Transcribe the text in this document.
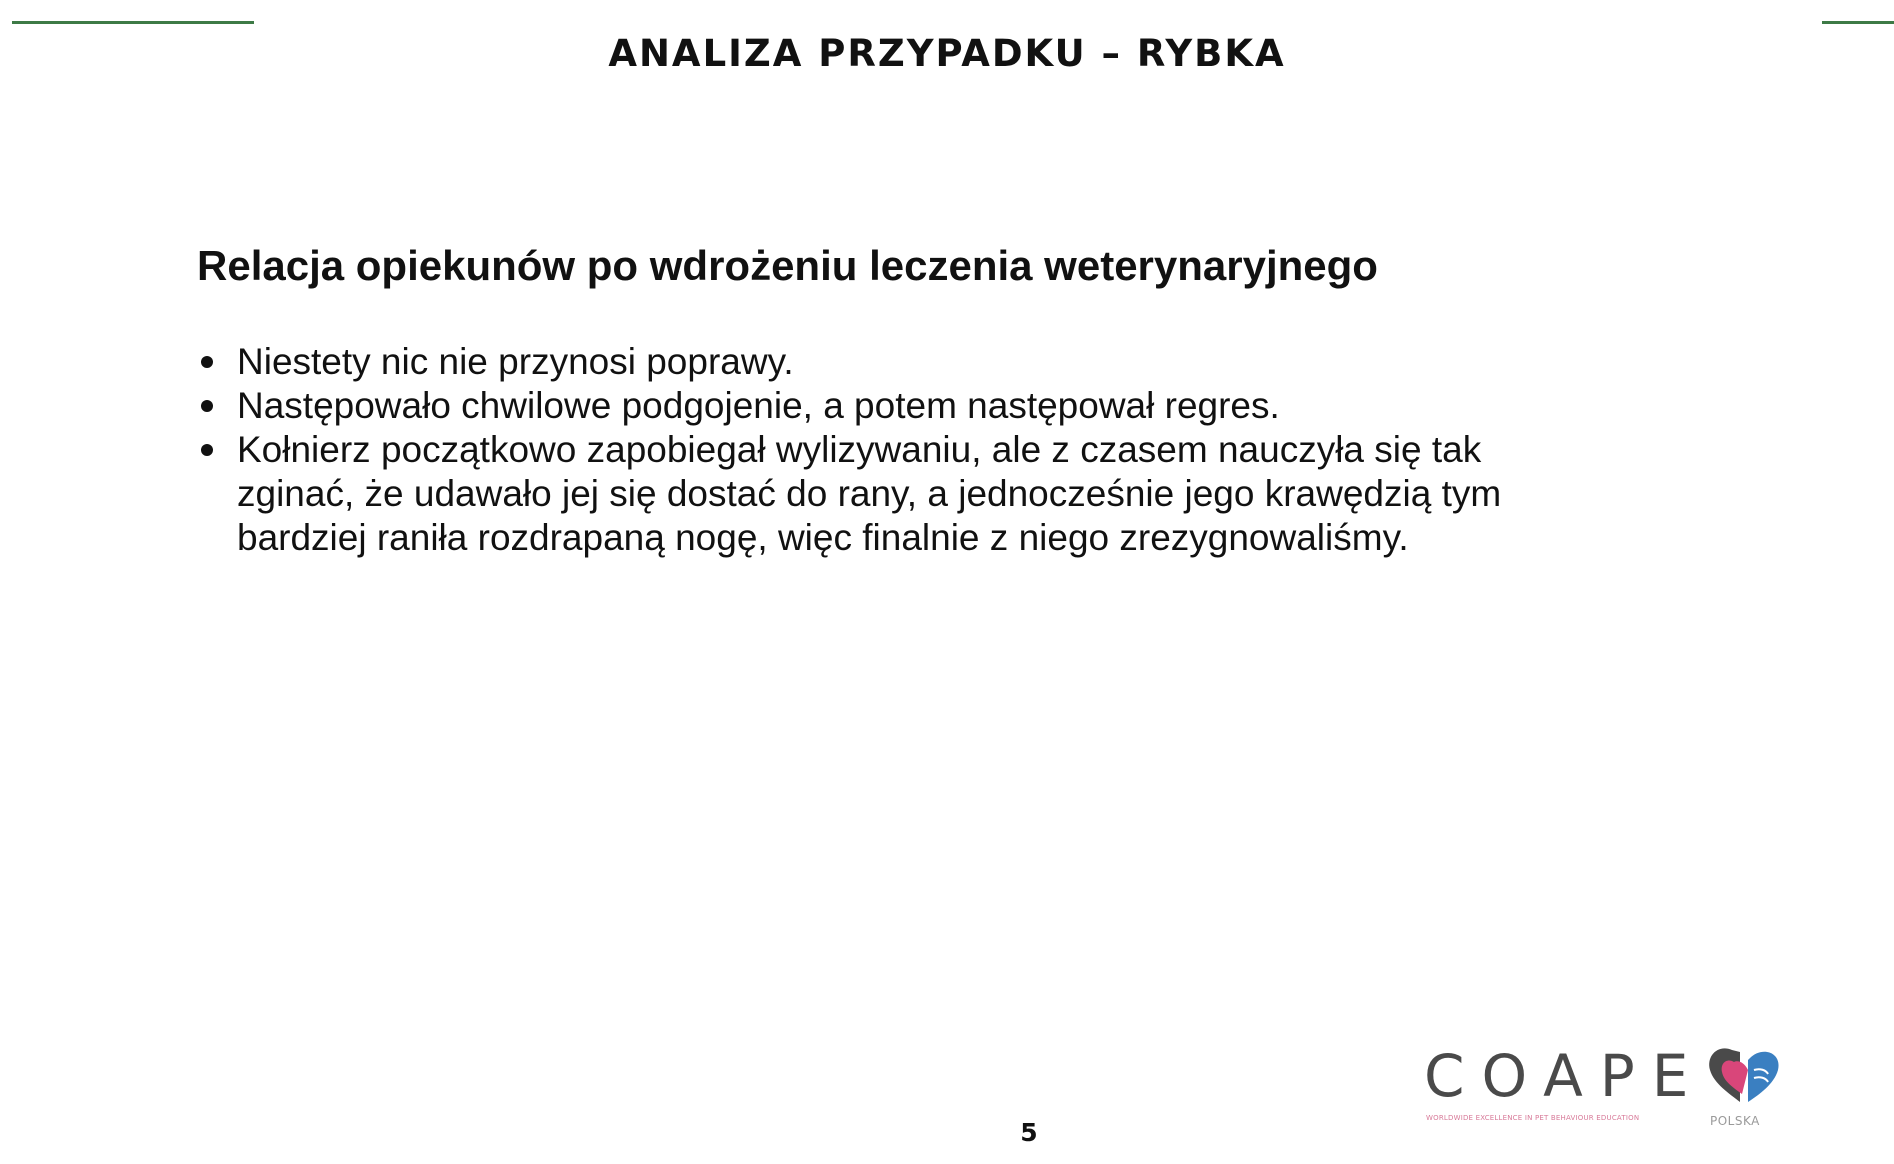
ANALIZA PRZYPADKU – RYBKA
Relacja opiekunów po wdrożeniu leczenia weterynaryjnego
Niestety nic nie przynosi poprawy.
Następowało chwilowe podgojenie, a potem następował regres.
Kołnierz początkowo zapobiegał wylizywaniu, ale z czasem nauczyła się tak zginać, że udawało jej się dostać do rany, a jednocześnie jego krawędzią tym bardziej raniła rozdrapaną nogę, więc finalnie z niego zrezygnowaliśmy.
COAPE
WORLDWIDE EXCELLENCE IN PET BEHAVIOUR EDUCATION	POLSKA
5
